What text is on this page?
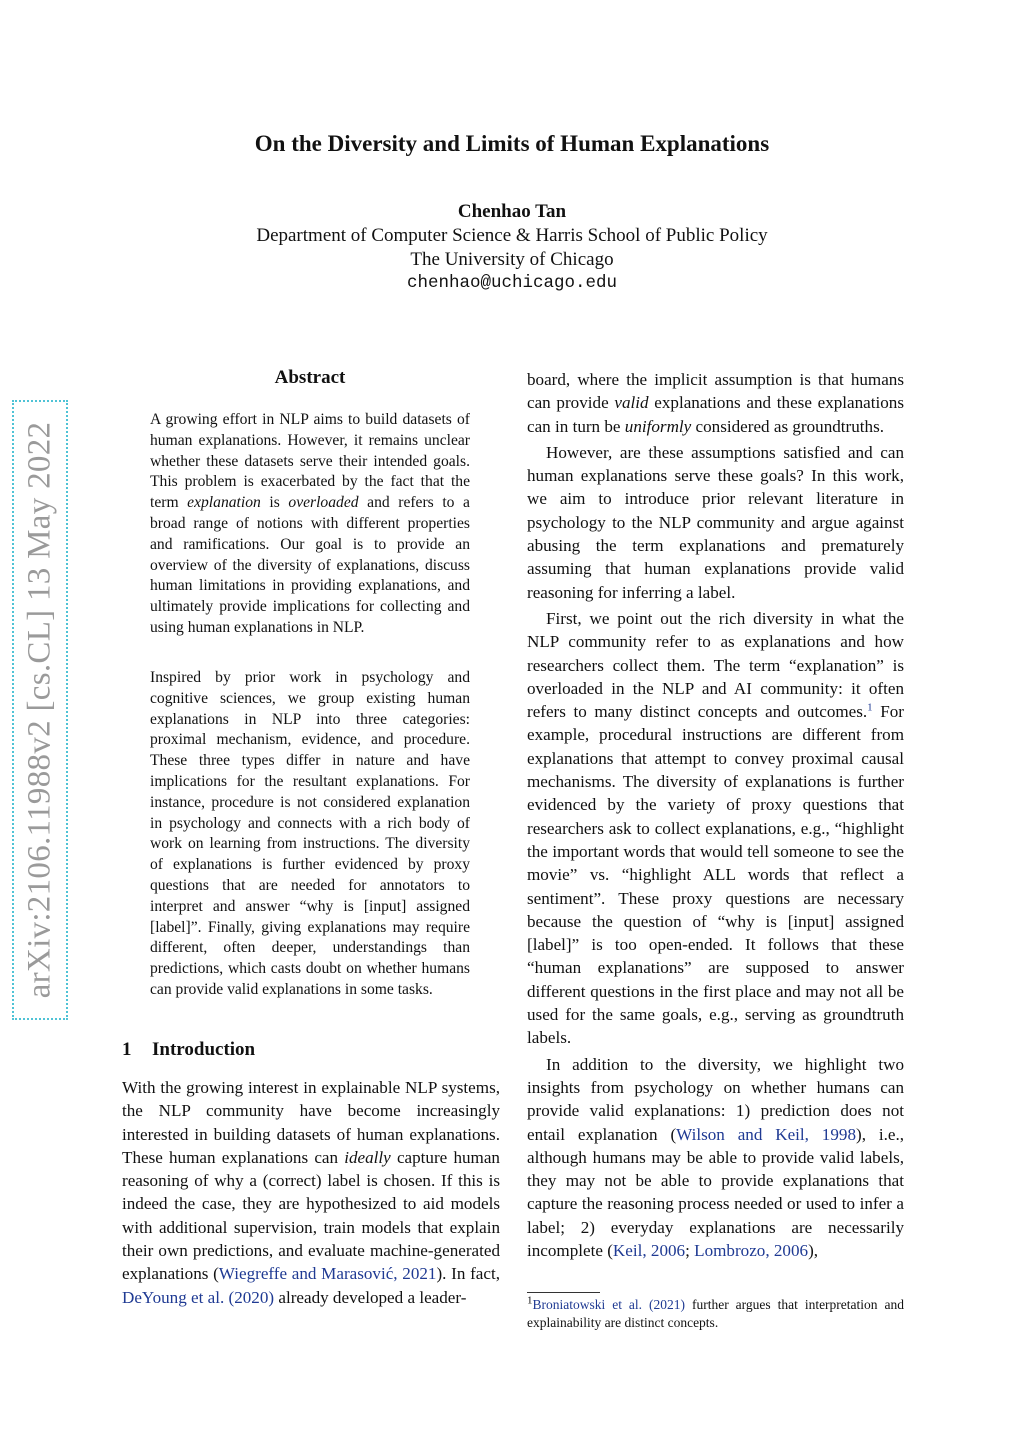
On the Diversity and Limits of Human Explanations
Chenhao Tan
Department of Computer Science & Harris School of Public Policy
The University of Chicago
chenhao@uchicago.edu
arXiv:2106.11988v2 [cs.CL] 13 May 2022
Abstract
A growing effort in NLP aims to build datasets of human explanations. However, it remains unclear whether these datasets serve their intended goals. This problem is exacerbated by the fact that the term explanation is overloaded and refers to a broad range of notions with different properties and ramifications. Our goal is to provide an overview of the diversity of explanations, discuss human limitations in providing explanations, and ultimately provide implications for collecting and using human explanations in NLP.
Inspired by prior work in psychology and cognitive sciences, we group existing human explanations in NLP into three categories: proximal mechanism, evidence, and procedure. These three types differ in nature and have implications for the resultant explanations. For instance, procedure is not considered explanation in psychology and connects with a rich body of work on learning from instructions. The diversity of explanations is further evidenced by proxy questions that are needed for annotators to interpret and answer “why is [input] assigned [label]”. Finally, giving explanations may require different, often deeper, understandings than predictions, which casts doubt on whether humans can provide valid explanations in some tasks.
1 Introduction
With the growing interest in explainable NLP systems, the NLP community have become increasingly interested in building datasets of human explanations. These human explanations can ideally capture human reasoning of why a (correct) label is chosen. If this is indeed the case, they are hypothesized to aid models with additional supervision, train models that explain their own predictions, and evaluate machine-generated explanations (Wiegreffe and Marasović, 2021). In fact, DeYoung et al. (2020) already developed a leader-

board, where the implicit assumption is that humans can provide valid explanations and these explanations can in turn be uniformly considered as groundtruths.

However, are these assumptions satisfied and can human explanations serve these goals? In this work, we aim to introduce prior relevant literature in psychology to the NLP community and argue against abusing the term explanations and prematurely assuming that human explanations provide valid reasoning for inferring a label.

First, we point out the rich diversity in what the NLP community refer to as explanations and how researchers collect them. The term “explanation” is overloaded in the NLP and AI community: it often refers to many distinct concepts and outcomes.$^1$ For example, procedural instructions are different from explanations that attempt to convey proximal causal mechanisms. The diversity of explanations is further evidenced by the variety of proxy questions that researchers ask to collect explanations, e.g., “highlight the important words that would tell someone to see the movie” vs. “highlight ALL words that reflect a sentiment”. These proxy questions are necessary because the question of “why is [input] assigned [label]” is too open-ended. It follows that these “human explanations” are supposed to answer different questions in the first place and may not all be used for the same goals, e.g., serving as groundtruth labels.

In addition to the diversity, we highlight two insights from psychology on whether humans can provide valid explanations: 1) prediction does not entail explanation (Wilson and Keil, 1998), i.e., although humans may be able to provide valid labels, they may not be able to provide explanations that capture the reasoning process needed or used to infer a label; 2) everyday explanations are necessarily incomplete (Keil, 2006; Lombrozo, 2006),

$^1$Broniatowski et al. (2021) further argues that interpretation and explainability are distinct concepts.
